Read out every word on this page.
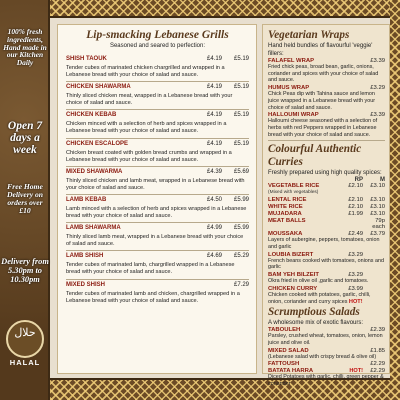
100% fresh ingredients, Hand made in our Kitchen Daily
Open 7 days a week
Free Home Delivery on orders over £10
Delivery from 5.30pm to 10.30pm
حلال
HALAL
Lip-smacking Lebanese Grills
Seasoned and seared to perfection:
SHISH TAOUK	£4.19	£5.19
Tender cubes of marinated chicken chargrilled and wrapped in a Lebanese bread with your choice of salad and sauce.
CHICKEN SHAWARMA	£4.19	£5.19
Thinly sliced chicken meat, wrapped in a Lebanese bread with your choice of salad and sauce.
CHICKEN KEBAB	£4.19	£5.19
Chicken minced with a selection of herb and spices wrapped in a Lebanese bread with your choice of salad and sauce.
CHICKEN ESCALOPE	£4.19	£5.19
Chicken breast coated with golden bread crumbs and wrapped in a Lebanese bread with your choice of salad and sauce.
MIXED SHAWARMA	£4.39	£5.69
Thinly sliced chicken and lamb meat, wrapped in a Lebanese bread with your choice of salad and sauce.
LAMB KEBAB	£4.50	£5.99
Lamb minced with a selection of herb and spices wrapped in a Lebanese bread with your choice of salad and sauce.
LAMB SHAWARMA	£4.99	£5.99
Thinly sliced lamb meat, wrapped in a Lebanese bread with your choice of salad and sauce.
LAMB SHISH	£4.69	£5.29
Tender cubes of marinated lamb, chargrilled wrapped in a Lebanese bread with your choice of salad and sauce.
MIXED SHISH	£7.29
Tender cubes of marinated lamb and chicken, chargrilled wrapped in a Lebanese bread with your choice of salad and sauce.
Vegetarian Wraps
Hand held bundles of flavourful 'veggie' fillers:
FALAFEL WRAP	£3.39
Fried chick peas, broad bean, garlic, onions, coriander and spices with your choice of salad and sauce.
HUMUS WRAP	£3.29
Chick Peas dip with Tahina sauce and lemon juice wrapped in a Lebanese bread with your choice of salad and sauce.
HALLOUMI WRAP	£3.39
Halloumi cheese seasoned with a selection of herbs with red Peppers wrapped in Lebanese bread with your choice of salad and sauce.
Colourful Authentic Curries
Freshly prepared using high quality spices:
RP	M
VEGETABLE RICE	£2.10	£3.10
(Mixed with vegetables)
LENTAL RICE	£2.10	£3.10
WHITE RICE	£2.10	£3.10
MUJADARA	£1.99	£3.10
MEAT BALLS	79p each
MOUSSAKA	£2.49	£3.79
Layers of aubergine, peppers, tomatoes, onion and garlic
LOUBIA BIZERT	£3.29
French beans cooked with tomatoes, onions and garlic
BAM YEH BILZEIT	£3.29
Okra fried in olive oil ,garlic and tomatoes.
CHICKEN CURRY	£3.99
Chicken cooked with potatoes, garlic, chilli, onion, coriander and curry spices HOT!
Scrumptious Salads
A wholesome mix of exotic flavours:
TABOULEH	£2.39
Parsley, crushed wheat, tomatoes, onion, lemon juice and olive oil.
MIXED SALAD	£1.85
(Lebanese salad with crispy bread & olive oil)
FATTOUSH	£2.29
BATATA HARRA	HOT!	£2.29
Diced Potatoes with garlic, chilli, green pepper & coriander
